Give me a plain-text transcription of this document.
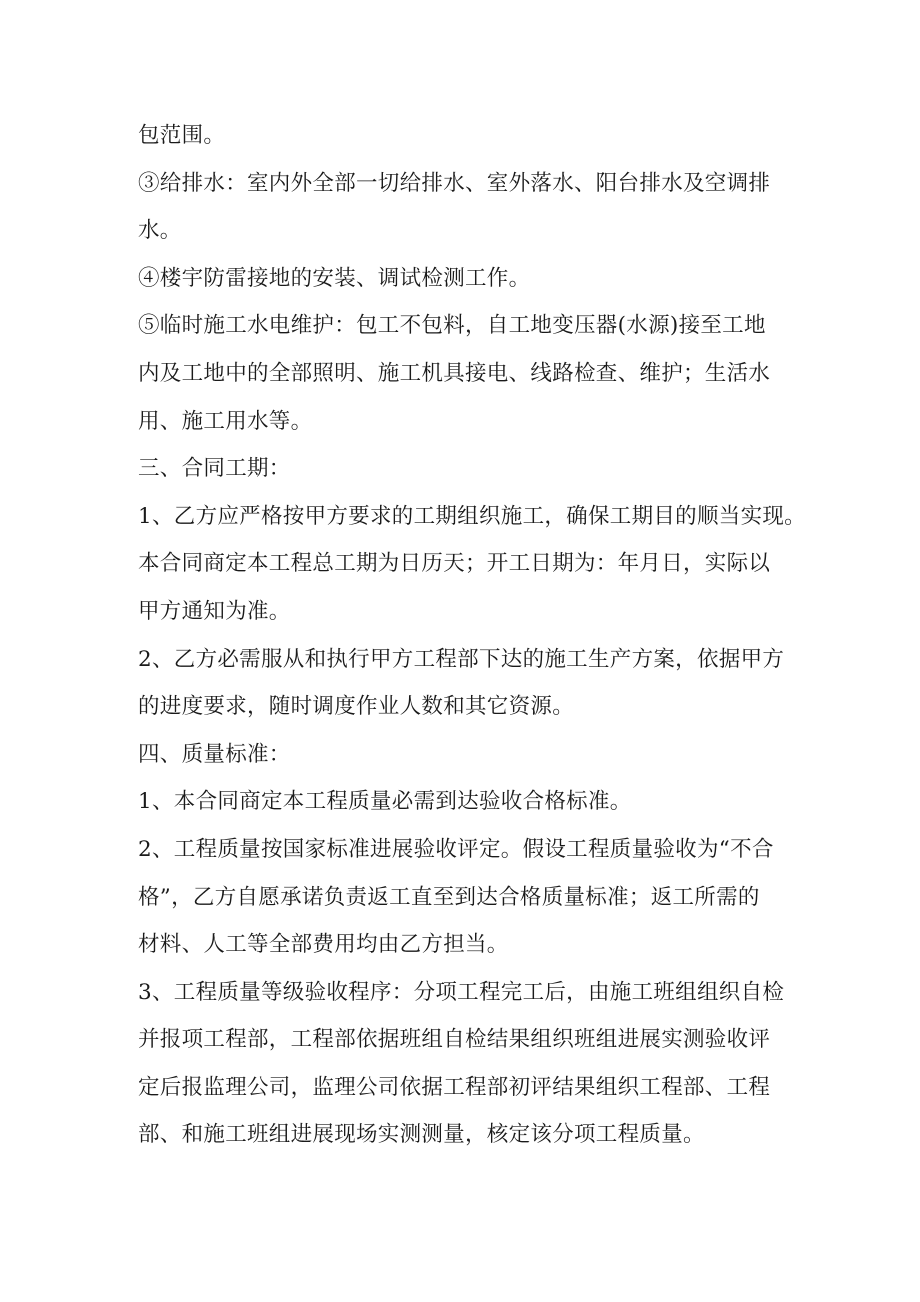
包范围。
③给排水：室内外全部一切给排水、室外落水、阳台排水及空调排
水。
④楼宇防雷接地的安装、调试检测工作。
⑤临时施工水电维护：包工不包料，自工地变压器(水源)接至工地
内及工地中的全部照明、施工机具接电、线路检查、维护；生活水
用、施工用水等。
三、合同工期：
1、乙方应严格按甲方要求的工期组织施工，确保工期目的顺当实现。
本合同商定本工程总工期为日历天；开工日期为：年月日，实际以
甲方通知为准。
2、乙方必需服从和执行甲方工程部下达的施工生产方案，依据甲方
的进度要求，随时调度作业人数和其它资源。
四、质量标准：
1、本合同商定本工程质量必需到达验收合格标准。
2、工程质量按国家标准进展验收评定。假设工程质量验收为“不合
格”，乙方自愿承诺负责返工直至到达合格质量标准；返工所需的
材料、人工等全部费用均由乙方担当。
3、工程质量等级验收程序：分项工程完工后，由施工班组组织自检
并报项工程部，工程部依据班组自检结果组织班组进展实测验收评
定后报监理公司，监理公司依据工程部初评结果组织工程部、工程
部、和施工班组进展现场实测测量，核定该分项工程质量。
